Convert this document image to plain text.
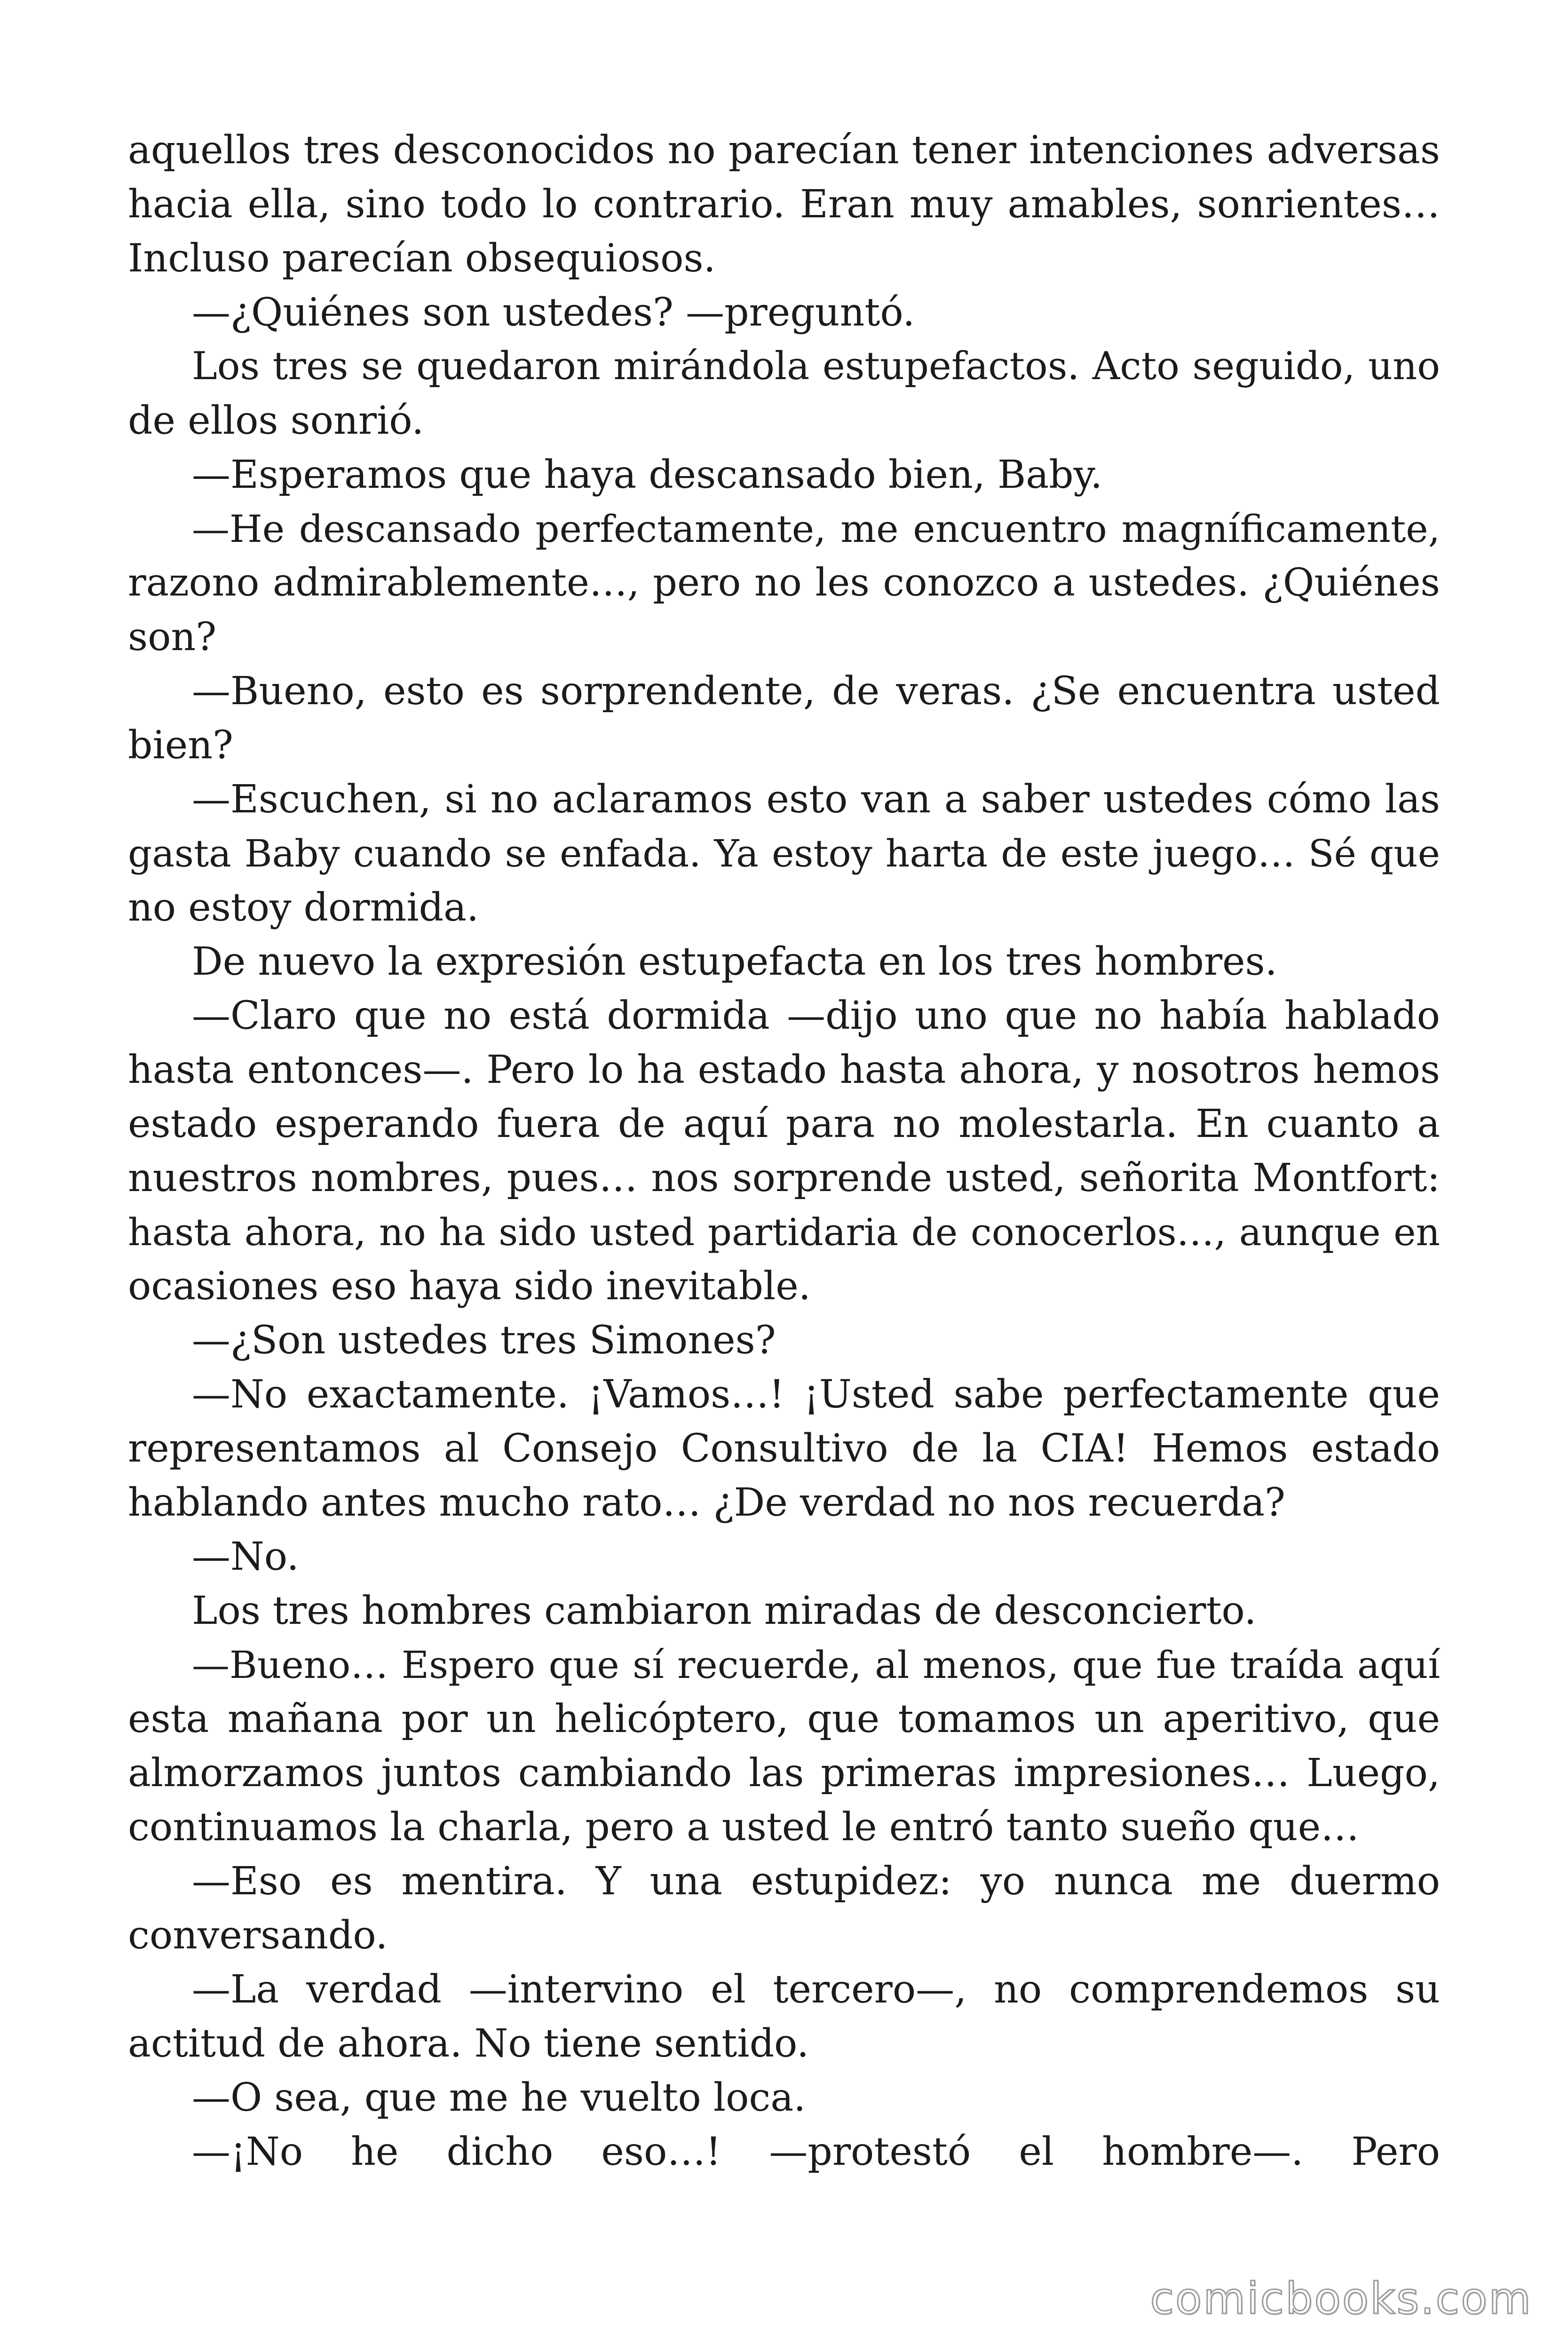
aquellos tres desconocidos no parecían tener intenciones adversas
hacia ella, sino todo lo contrario. Eran muy amables, sonrientes…
Incluso parecían obsequiosos.
—¿Quiénes son ustedes? —preguntó.
Los tres se quedaron mirándola estupefactos. Acto seguido, uno
de ellos sonrió.
—Esperamos que haya descansado bien, Baby.
—He descansado perfectamente, me encuentro magníficamente,
razono admirablemente…, pero no les conozco a ustedes. ¿Quiénes
son?
—Bueno, esto es sorprendente, de veras. ¿Se encuentra usted
bien?
—Escuchen, si no aclaramos esto van a saber ustedes cómo las
gasta Baby cuando se enfada. Ya estoy harta de este juego… Sé que
no estoy dormida.
De nuevo la expresión estupefacta en los tres hombres.
—Claro que no está dormida —dijo uno que no había hablado
hasta entonces—. Pero lo ha estado hasta ahora, y nosotros hemos
estado esperando fuera de aquí para no molestarla. En cuanto a
nuestros nombres, pues… nos sorprende usted, señorita Montfort:
hasta ahora, no ha sido usted partidaria de conocerlos…, aunque en
ocasiones eso haya sido inevitable.
—¿Son ustedes tres Simones?
—No exactamente. ¡Vamos…! ¡Usted sabe perfectamente que
representamos al Consejo Consultivo de la CIA! Hemos estado
hablando antes mucho rato… ¿De verdad no nos recuerda?
—No.
Los tres hombres cambiaron miradas de desconcierto.
—Bueno… Espero que sí recuerde, al menos, que fue traída aquí
esta mañana por un helicóptero, que tomamos un aperitivo, que
almorzamos juntos cambiando las primeras impresiones… Luego,
continuamos la charla, pero a usted le entró tanto sueño que…
—Eso es mentira. Y una estupidez: yo nunca me duermo
conversando.
—La verdad —intervino el tercero—, no comprendemos su
actitud de ahora. No tiene sentido.
—O sea, que me he vuelto loca.
—¡No he dicho eso…! —protestó el hombre—. Pero
comicbooks.com
